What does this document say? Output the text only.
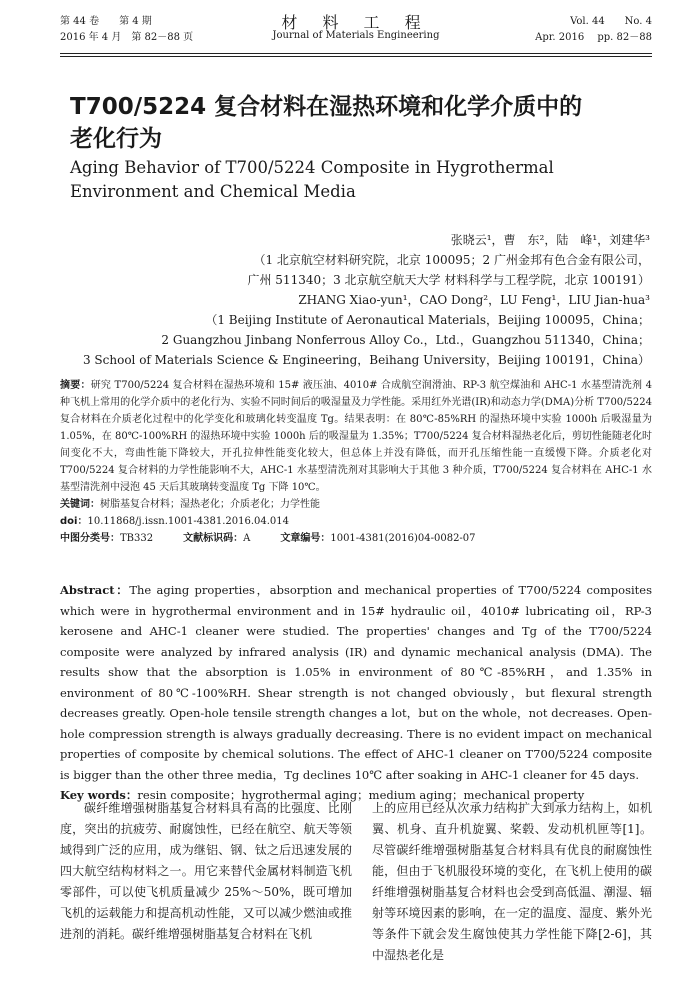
第 44 卷　　第 4 期
2016 年 4 月　第 82－88 页
材 料 工 程
Journal of Materials Engineering
Vol. 44　　No. 4
Apr. 2016　 pp. 82－88
T700/5224 复合材料在湿热环境和化学介质中的老化行为
Aging Behavior of T700/5224 Composite in Hygrothermal Environment and Chemical Media
张晓云¹，曹　东²，陆　峰¹，刘建华³
（1 北京航空材料研究院，北京 100095；2 广州金邦有色合金有限公司，
广州 511340；3 北京航空航天大学 材料科学与工程学院，北京 100191）
ZHANG Xiao-yun¹，CAO Dong²，LU Feng¹，LIU Jian-hua³
（1 Beijing Institute of Aeronautical Materials，Beijing 100095，China；
2 Guangzhou Jinbang Nonferrous Alloy Co.，Ltd.，Guangzhou 511340，China；
3 School of Materials Science & Engineering，Beihang University，Beijing 100191，China）

摘要：研究 T700/5224 复合材料在湿热环境和 15# 液压油、4010# 合成航空润滑油、RP-3 航空煤油和 AHC-1 水基型清洗剂 4 种飞机上常用的化学介质中的老化行为、实验不同时间后的吸湿量及力学性能。采用红外光谱(IR)和动态力学(DMA)分析 T700/5224 复合材料在介质老化过程中的化学变化和玻璃化转变温度 Tg。结果表明：在 80℃-85%RH 的湿热环境中实验 1000h 后吸湿量为 1.05%，在 80℃-100%RH 的湿热环境中实验 1000h 后的吸湿量为 1.35%；T700/5224 复合材料湿热老化后，剪切性能随老化时间变化不大，弯曲性能下降较大，开孔拉伸性能变化较大，但总体上并没有降低，而开孔压缩性能一直缓慢下降。介质老化对 T700/5224 复合材料的力学性能影响不大，AHC-1 水基型清洗剂对其影响大于其他 3 种介质，T700/5224 复合材料在 AHC-1 水基型清洗剂中浸泡 45 天后其玻璃转变温度 Tg 下降 10℃。

关键词：树脂基复合材料；湿热老化；介质老化；力学性能

doi：10.11868/j.issn.1001-4381.2016.04.014

中图分类号：TB332　　　	文献标识码：A　　　	文章编号：1001-4381(2016)04-0082-07

Abstract：The aging properties，absorption and mechanical properties of T700/5224 composites which were in hygrothermal environment and in 15# hydraulic oil，4010# lubricating oil，RP-3 kerosene and AHC-1 cleaner were studied. The properties' changes and Tg of the T700/5224 composite were analyzed by infrared analysis (IR) and dynamic mechanical analysis (DMA). The results show that the absorption is 1.05% in environment of 80℃-85%RH，and 1.35% in environment of 80℃-100%RH. Shear strength is not changed obviously，but flexural strength decreases greatly. Open-hole tensile strength changes a lot，but on the whole，not decreases. Open-hole compression strength is always gradually decreasing. There is no evident impact on mechanical properties of composite by chemical solutions. The effect of AHC-1 cleaner on T700/5224 composite is bigger than the other three media，Tg declines 10℃ after soaking in AHC-1 cleaner for 45 days.

Key words：resin composite；hygrothermal aging；medium aging；mechanical property

碳纤维增强树脂基复合材料具有高的比强度、比刚度，突出的抗疲劳、耐腐蚀性，已经在航空、航天等领域得到广泛的应用，成为继铝、钢、钛之后迅速发展的四大航空结构材料之一。用它来替代金属材料制造飞机零部件，可以使飞机质量减少 25%～50%，既可增加飞机的运载能力和提高机动性能，又可以减少燃油或推进剂的消耗。碳纤维增强树脂基复合材料在飞机
上的应用已经从次承力结构扩大到承力结构上，如机翼、机身、直升机旋翼、桨毂、发动机机匣等[1]。尽管碳纤维增强树脂基复合材料具有优良的耐腐蚀性能，但由于飞机服役环境的变化，在飞机上使用的碳纤维增强树脂基复合材料也会受到高低温、潮湿、辐射等环境因素的影响，在一定的温度、湿度、紫外光等条件下就会发生腐蚀使其力学性能下降[2-6]，其中湿热老化是
